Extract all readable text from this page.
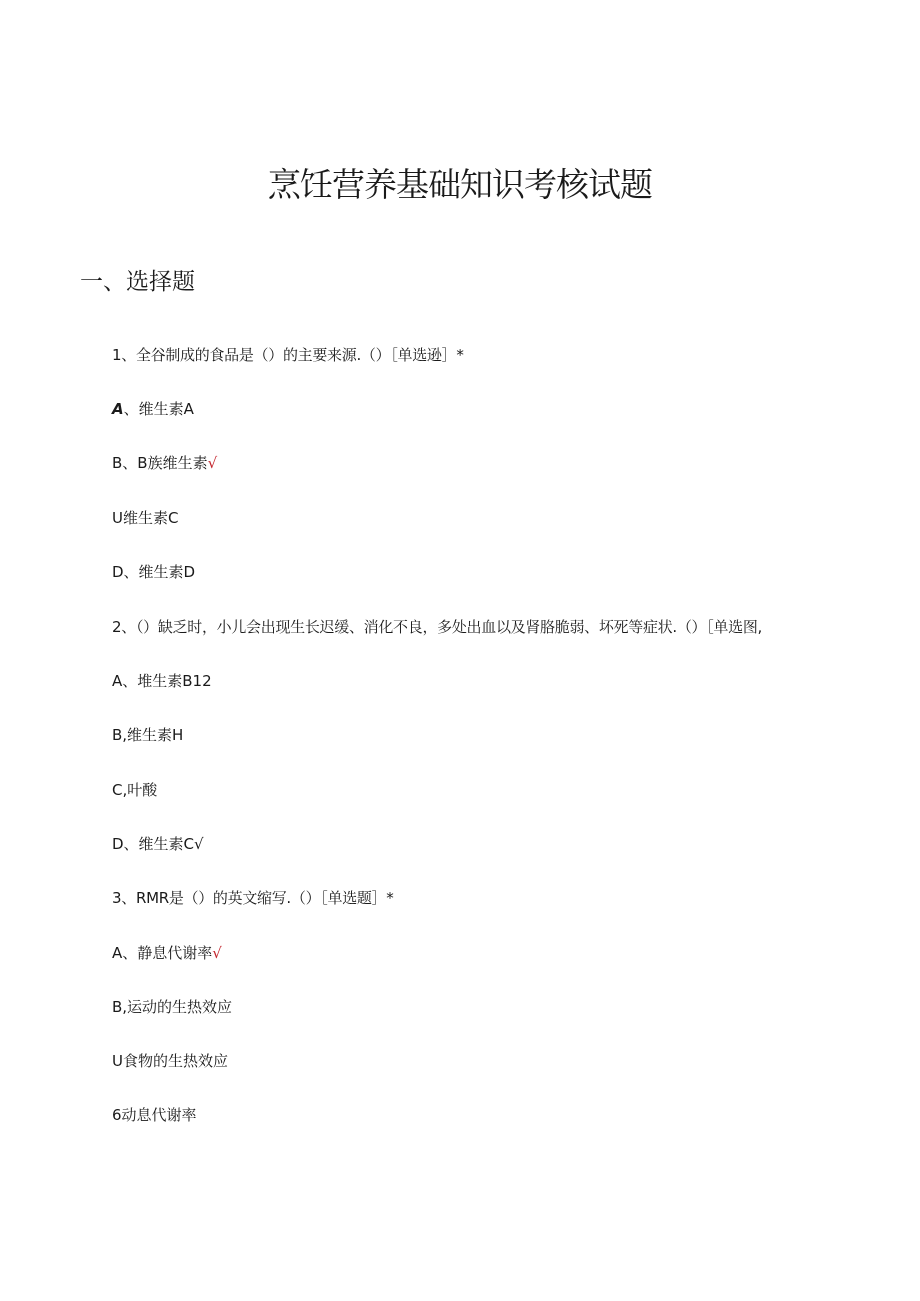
烹饪营养基础知识考核试题
一、选择题

1、全谷制成的食品是（）的主要来源.（）［单选逊］*

A、维生素A

B、B族维生素√

U维生素C

D、维生素D

2、（）缺乏时，小儿会出现生长迟缓、消化不良，多处出血以及肾胳脆弱、坏死等症状.（）［单选图,

A、堆生素B12

B,维生素H

C,叶酸

D、维生素C√

3、RMR是（）的英文缩写.（）［单选题］*

A、静息代谢率√

B,运动的生热效应

U食物的生热效应

6动息代谢率
